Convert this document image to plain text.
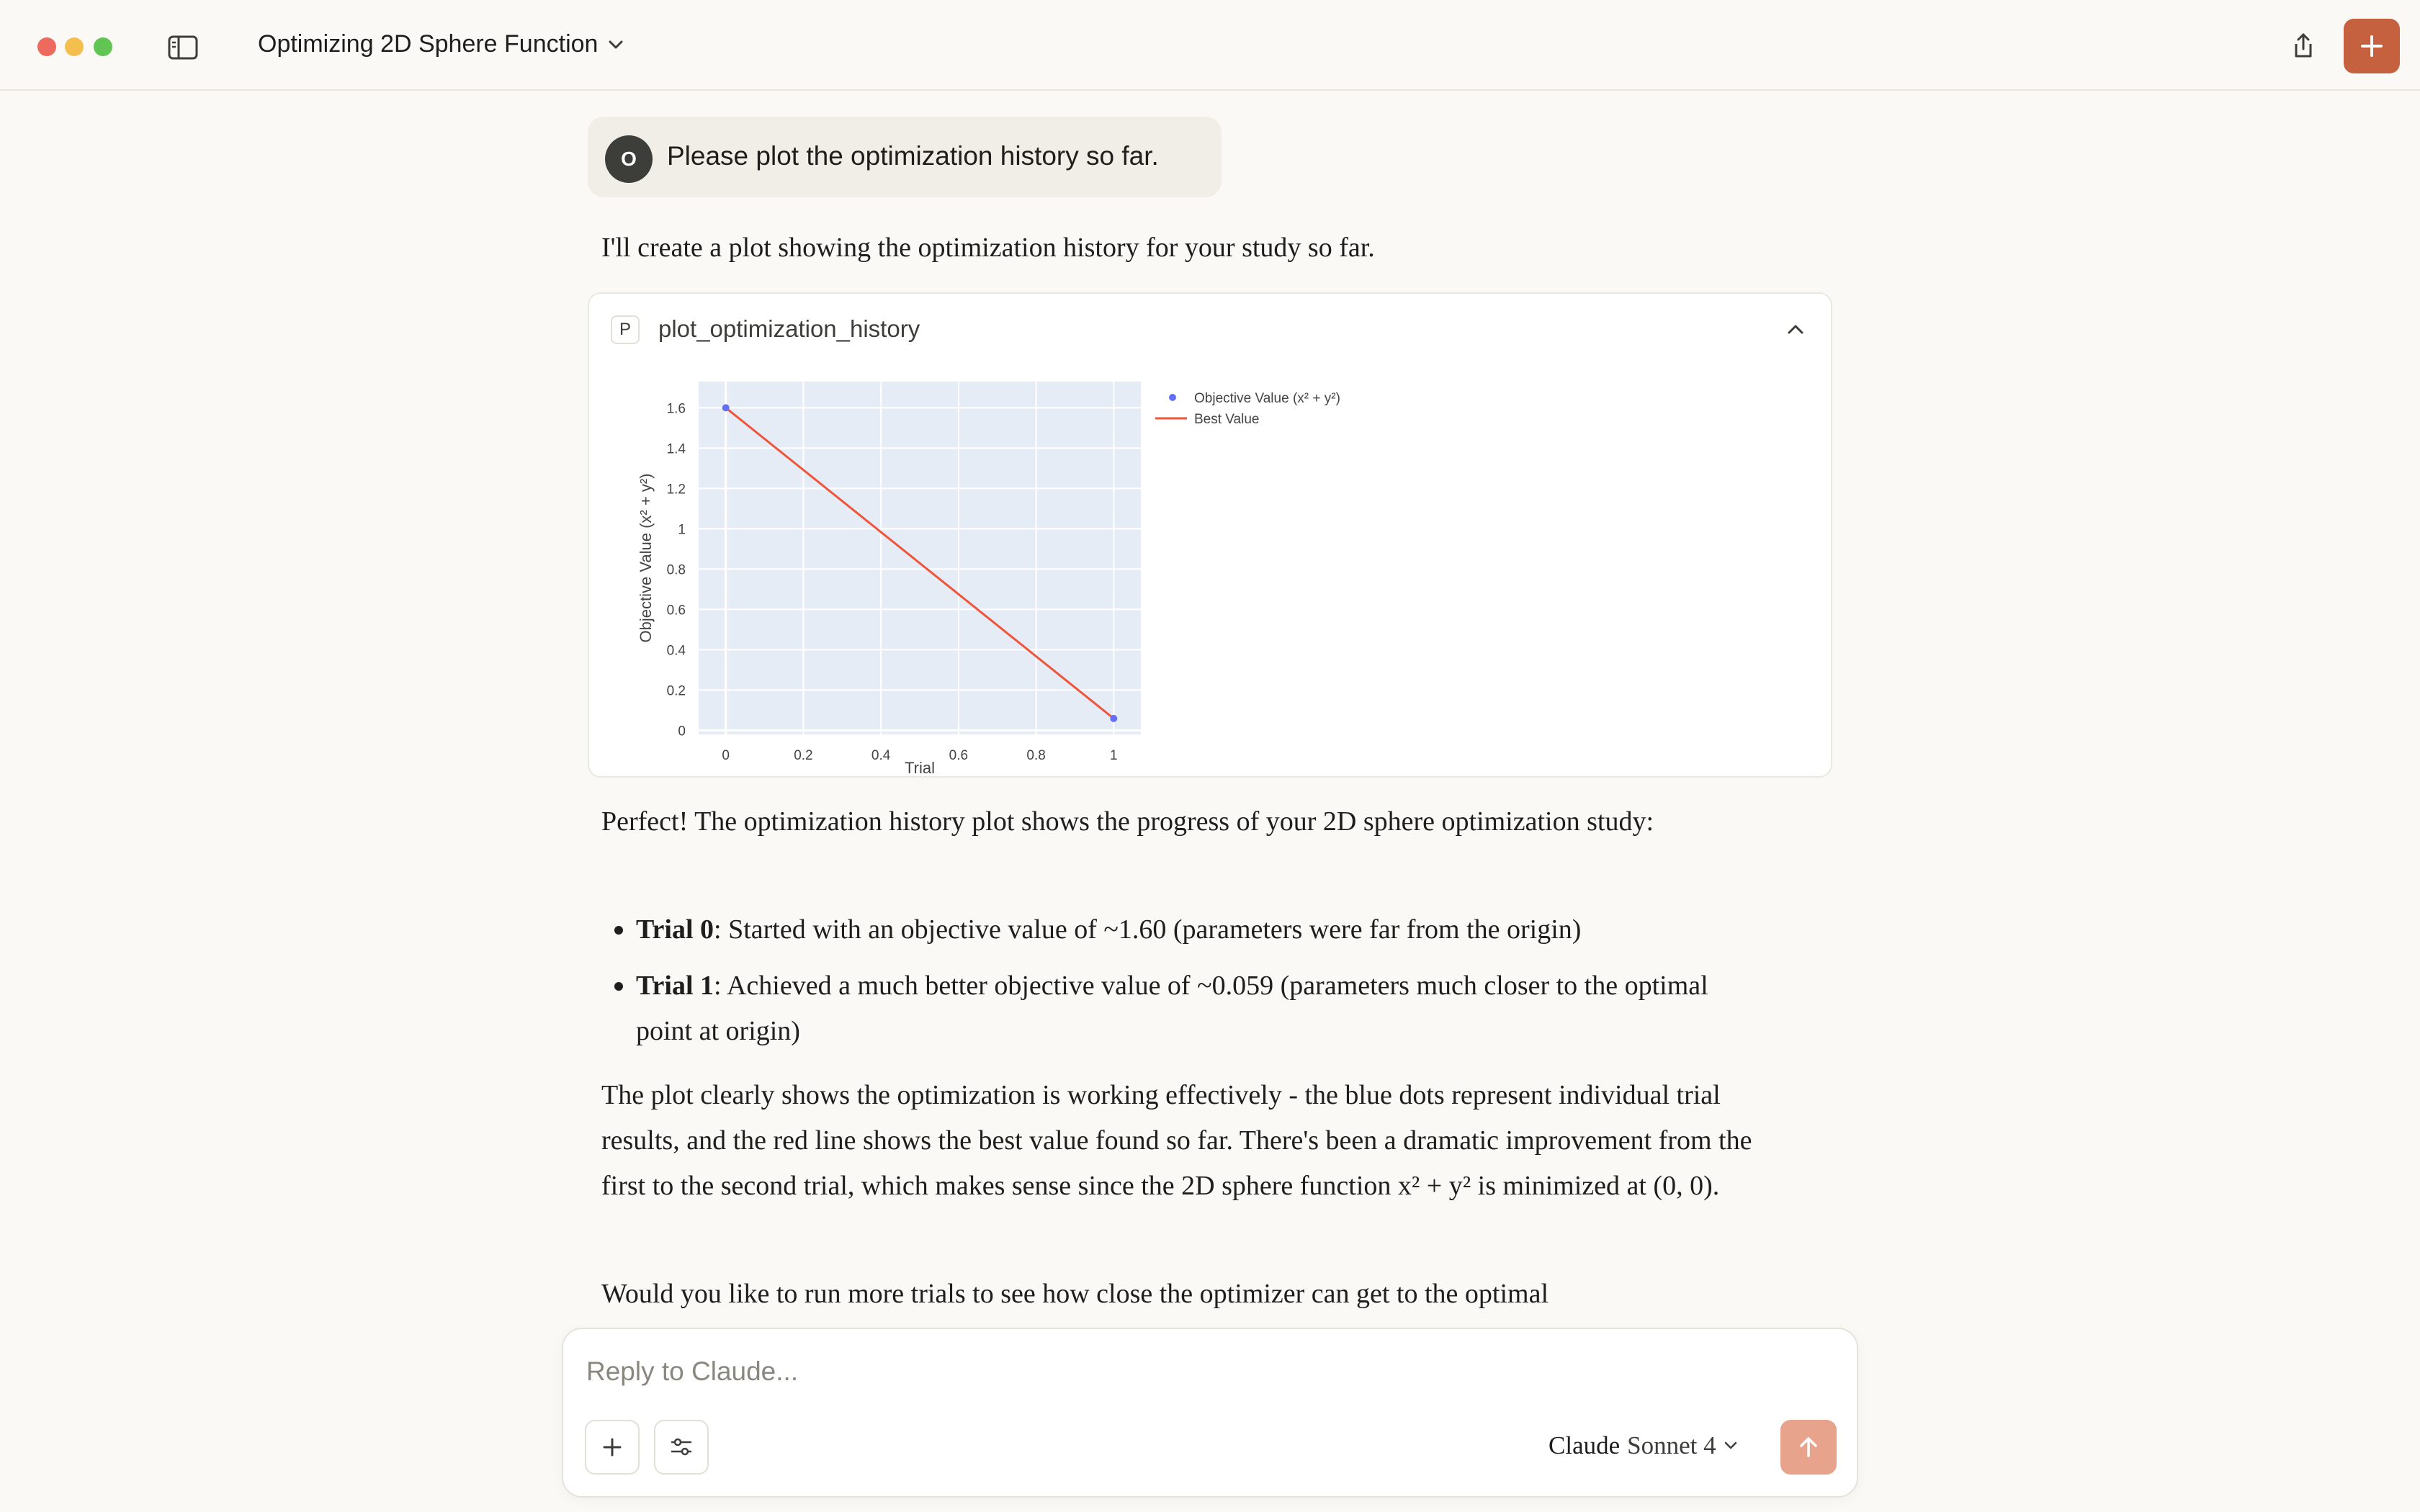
Optimizing 2D Sphere Function
O	Please plot the optimization history so far.
I'll create a plot showing the optimization history for your study so far.
P	plot_optimization_history
0	0.2	0.4	0.6	0.8	1
0
0.2
0.4
0.6
0.8
1
1.2
1.4
1.6
Objective Value (x² + y²)
Trial
Objective Value (x² + y²)
Best Value
Perfect! The optimization history plot shows the progress of your 2D sphere optimization study:
Trial 0: Started with an objective value of ~1.60 (parameters were far from the origin)
Trial 1: Achieved a much better objective value of ~0.059 (parameters much closer to the optimal point at origin)
The plot clearly shows the optimization is working effectively - the blue dots represent individual trial results, and the red line shows the best value found so far. There's been a dramatic improvement from the first to the second trial, which makes sense since the 2D sphere function x² + y² is minimized at (0, 0).
Would you like to run more trials to see how close the optimizer can get to the optimal
Reply to Claude...
Claude Sonnet 4
